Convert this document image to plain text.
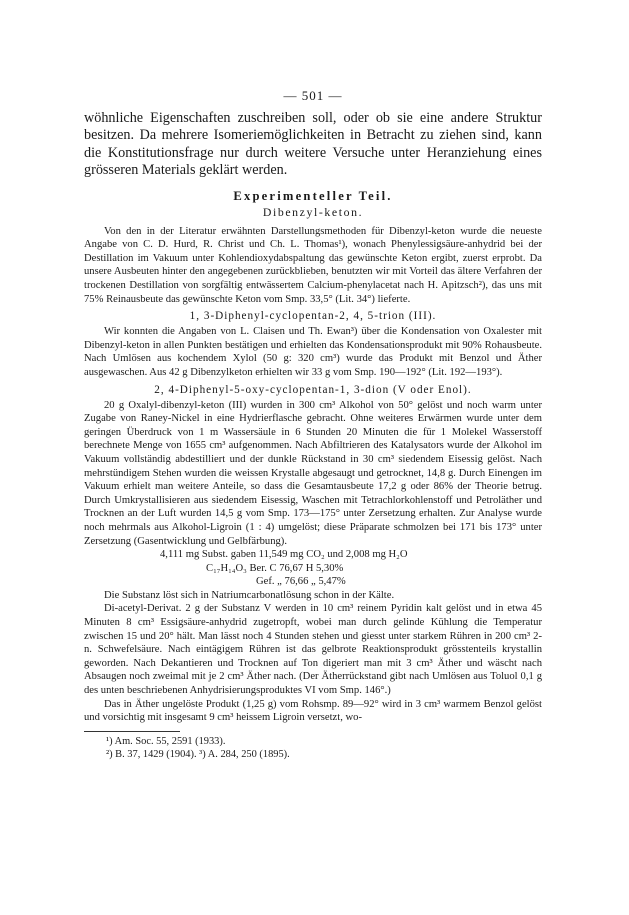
— 501 —

wöhnliche Eigenschaften zuschreiben soll, oder ob sie eine andere Struktur besitzen. Da mehrere Isomeriemöglichkeiten in Betracht zu ziehen sind, kann die Konstitutionsfrage nur durch weitere Versuche unter Heranziehung eines grösseren Materials geklärt werden.

Experimenteller Teil.
Dibenzyl-keton.

Von den in der Literatur erwähnten Darstellungsmethoden für Dibenzyl-keton wurde die neueste Angabe von C. D. Hurd, R. Christ und Ch. L. Thomas¹), wonach Phenylessigsäure-anhydrid bei der Destillation im Vakuum unter Kohlendioxydabspaltung das gewünschte Keton ergibt, zuerst erprobt. Da unsere Ausbeuten hinter den angegebenen zurückblieben, benutzten wir mit Vorteil das ältere Verfahren der trockenen Destillation von sorgfältig entwässertem Calcium-phenylacetat nach H. Apitzsch²), das uns mit 75% Reinausbeute das gewünschte Keton vom Smp. 33,5° (Lit. 34°) lieferte.

1, 3-Diphenyl-cyclopentan-2, 4, 5-trion (III).

Wir konnten die Angaben von L. Claisen und Th. Ewan³) über die Kondensation von Oxalester mit Dibenzyl-keton in allen Punkten bestätigen und erhielten das Kondensationsprodukt mit 90% Rohausbeute. Nach Umlösen aus kochendem Xylol (50 g: 320 cm³) wurde das Produkt mit Benzol und Äther ausgewaschen. Aus 42 g Dibenzylketon erhielten wir 33 g vom Smp. 190—192° (Lit. 192—193°).

2, 4-Diphenyl-5-oxy-cyclopentan-1, 3-dion (V oder Enol).

20 g Oxalyl-dibenzyl-keton (III) wurden in 300 cm³ Alkohol von 50° gelöst und noch warm unter Zugabe von Raney-Nickel in eine Hydrierflasche gebracht. Ohne weiteres Erwärmen wurde unter dem geringen Überdruck von 1 m Wassersäule in 6 Stunden 20 Minuten die für 1 Molekel Wasserstoff berechnete Menge von 1655 cm³ aufgenommen. Nach Abfiltrieren des Katalysators wurde der Alkohol im Vakuum vollständig abdestilliert und der dunkle Rückstand in 30 cm³ siedendem Eisessig gelöst. Nach mehrstündigem Stehen wurden die weissen Krystalle abgesaugt und getrocknet, 14,8 g. Durch Einengen im Vakuum erhielt man weitere Anteile, so dass die Gesamtausbeute 17,2 g oder 86% der Theorie betrug. Durch Umkrystallisieren aus siedendem Eisessig, Waschen mit Tetrachlorkohlenstoff und Petroläther und Trocknen an der Luft wurden 14,5 g vom Smp. 173—175° unter Zersetzung erhalten. Zur Analyse wurde noch mehrmals aus Alkohol-Ligroin (1 : 4) umgelöst; diese Präparate schmolzen bei 171 bis 173° unter Zersetzung (Gasentwicklung und Gelbfärbung).

4,111 mg Subst. gaben 11,549 mg CO₂ und 2,008 mg H₂O
C₁₇H₁₄O₃ Ber. C 76,67 H 5,30%
Gef. „ 76,66 „ 5,47%

Die Substanz löst sich in Natriumcarbonatlösung schon in der Kälte.

Di-acetyl-Derivat. 2 g der Substanz V werden in 10 cm³ reinem Pyridin kalt gelöst und in etwa 45 Minuten 8 cm³ Essigsäure-anhydrid zugetropft, wobei man durch gelinde Kühlung die Temperatur zwischen 15 und 20° hält. Man lässt noch 4 Stunden stehen und giesst unter starkem Rühren in 200 cm³ 2-n. Schwefelsäure. Nach eintägigem Rühren ist das gelbrote Reaktionsprodukt grösstenteils krystallin geworden. Nach Dekantieren und Trocknen auf Ton digeriert man mit 3 cm³ Äther und wäscht nach Absaugen noch zweimal mit je 2 cm³ Äther nach. (Der Ätherrückstand gibt nach Umlösen aus Toluol 0,1 g des unten beschriebenen Anhydrisierungsproduktes VI vom Smp. 146°.)

Das in Äther ungelöste Produkt (1,25 g) vom Rohsmp. 89—92° wird in 3 cm³ warmem Benzol gelöst und vorsichtig mit insgesamt 9 cm³ heissem Ligroin versetzt, wo-

¹) Am. Soc. 55, 2591 (1933).
²) B. 37, 1429 (1904). ³) A. 284, 250 (1895).
